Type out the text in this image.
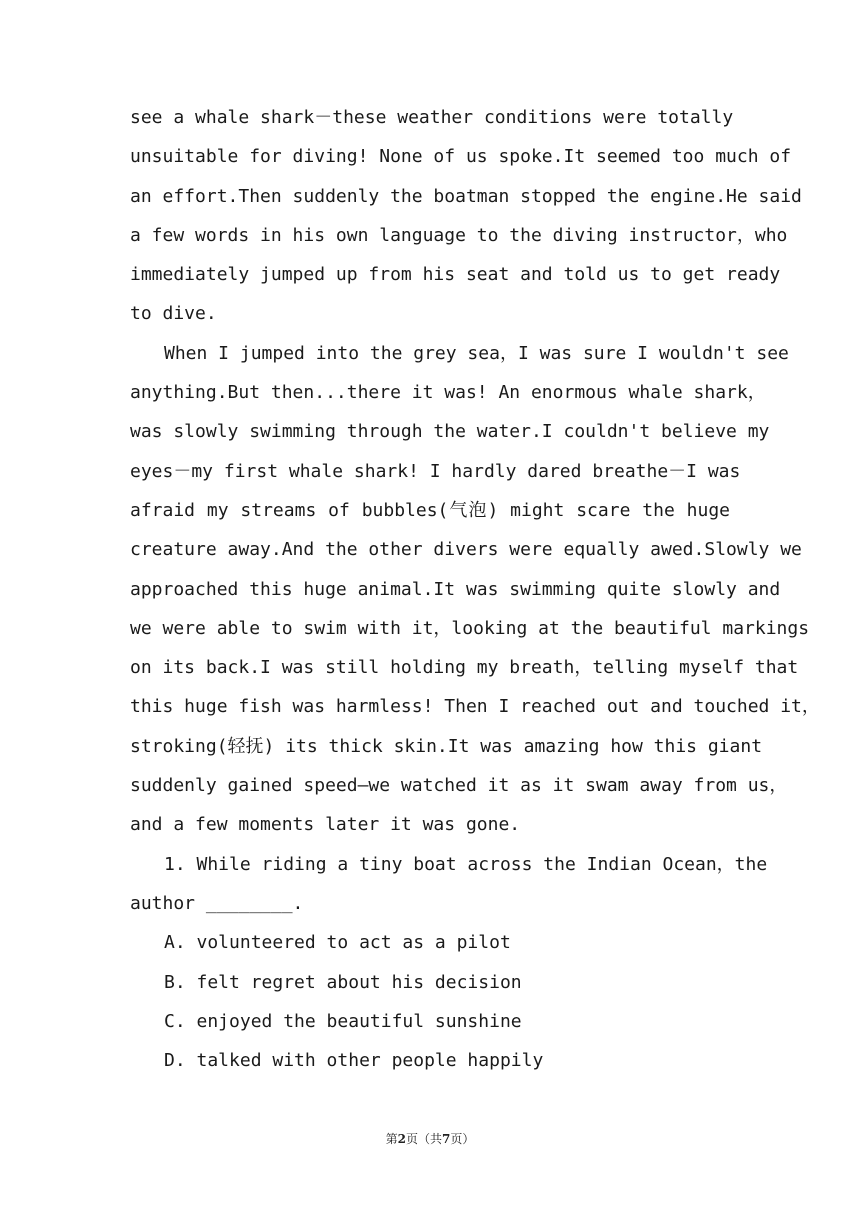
see a whale shark－these weather conditions were totally
unsuitable for diving! None of us spoke.It seemed too much of
an effort.Then suddenly the boatman stopped the engine.He said
a few words in his own language to the diving instructor，who
immediately jumped up from his seat and told us to get ready
to dive.
When I jumped into the grey sea，I was sure I wouldn't see
anything.But then...there it was! An enormous whale shark，
was slowly swimming through the water.I couldn't believe my
eyes－my first whale shark! I hardly dared breathe－I was
afraid my streams of bubbles(气泡) might scare the huge
creature away.And the other divers were equally awed.Slowly we
approached this huge animal.It was swimming quite slowly and
we were able to swim with it，looking at the beautiful markings
on its back.I was still holding my breath，telling myself that
this huge fish was harmless! Then I reached out and touched it，
stroking(轻抚) its thick skin.It was amazing how this giant
suddenly gained speed—we watched it as it swam away from us，
and a few moments later it was gone.
1. While riding a tiny boat across the Indian Ocean，the
author ________.
A. volunteered to act as a pilot
B. felt regret about his decision
C. enjoyed the beautiful sunshine
D. talked with other people happily
第2页（共7页）
